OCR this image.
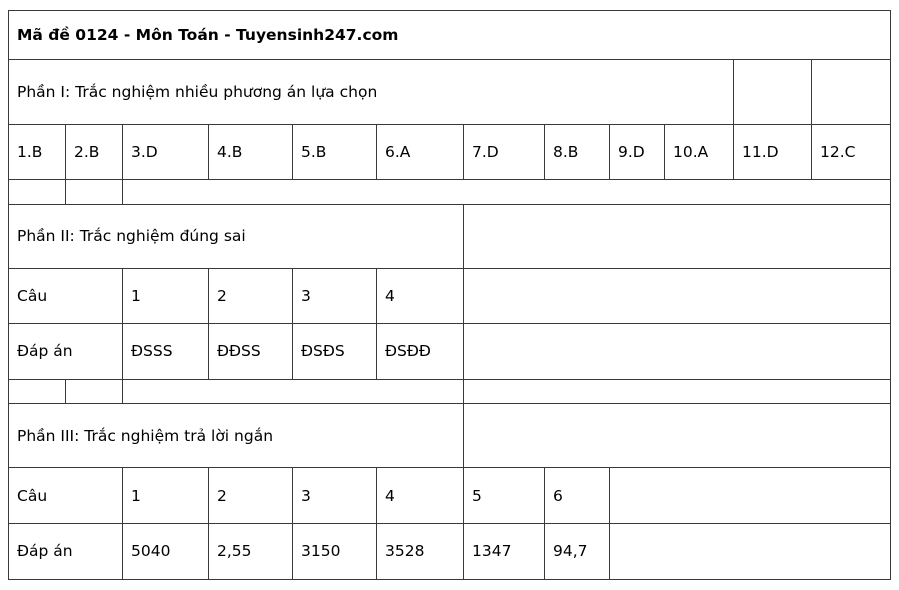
Mã đề 0124 - Môn Toán - Tuyensinh247.com											
Phần I: Trắc nghiệm nhiều phương án lựa chọn											
1.B	2.B	3.D	4.B	5.B	6.A	7.D	8.B	9.D	10.A	11.D	12.C

Phần II: Trắc nghiệm đúng sai											
Câu		1	2	3	4						
Đáp án		ĐSSS	ĐĐSS	ĐSĐS	ĐSĐĐ						

Phần III: Trắc nghiệm trả lời ngắn											
Câu		1	2	3	4	5	6				
Đáp án		5040	2,55	3150	3528	1347	94,7				
